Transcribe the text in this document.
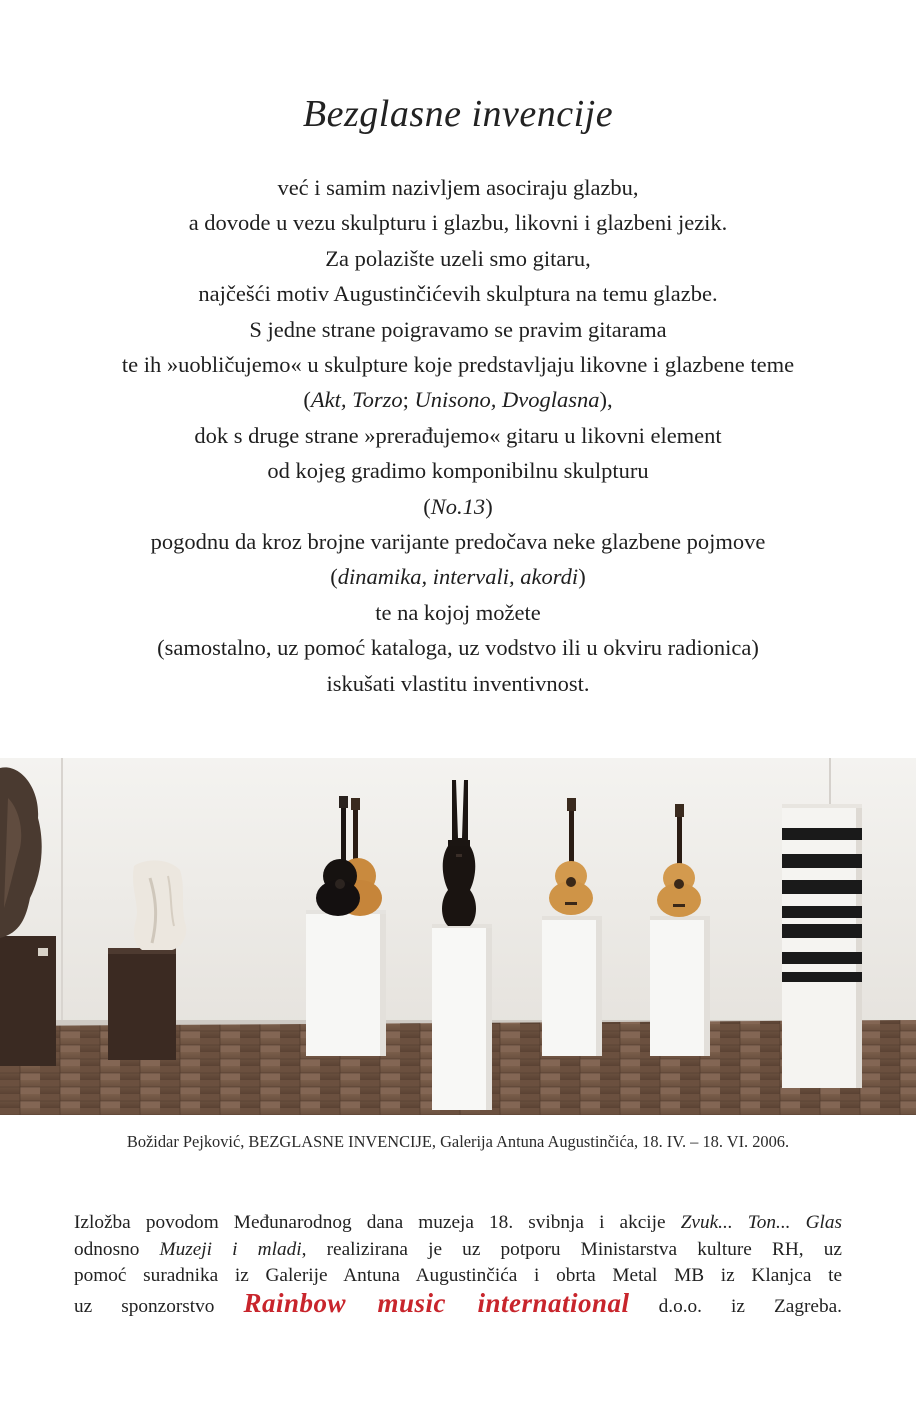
Bezglasne invencije
već i samim nazivljem asociraju glazbu,
a dovode u vezu skulpturu i glazbu, likovni i glazbeni jezik.
Za polazište uzeli smo gitaru,
najčešći motiv Augustinčićevih skulptura na temu glazbe.
S jedne strane poigravamo se pravim gitarama
te ih »uobličujemo« u skulpture koje predstavljaju likovne i glazbene teme
(Akt, Torzo; Unisono, Dvoglasna),
dok s druge strane »prerađujemo« gitaru u likovni element
od kojeg gradimo komponibilnu skulpturu
(No.13)
pogodnu da kroz brojne varijante predočava neke glazbene pojmove
(dinamika, intervali, akordi)
te na kojoj možete
(samostalno, uz pomoć kataloga, uz vodstvo ili u okviru radionica)
iskušati vlastitu inventivnost.
Božidar Pejković, BEZGLASNE INVENCIJE, Galerija Antuna Augustinčića, 18. IV. – 18. VI. 2006.
Izložba povodom Međunarodnog dana muzeja 18. svibnja i akcije Zvuk... Ton... Glas
odnosno Muzeji i mladi, realizirana je uz potporu Ministarstva kulture RH, uz
pomoć suradnika iz Galerije Antuna Augustinčića i obrta Metal MB iz Klanjca te
uz sponzorstvo Rainbow music international d.o.o. iz Zagreba.
